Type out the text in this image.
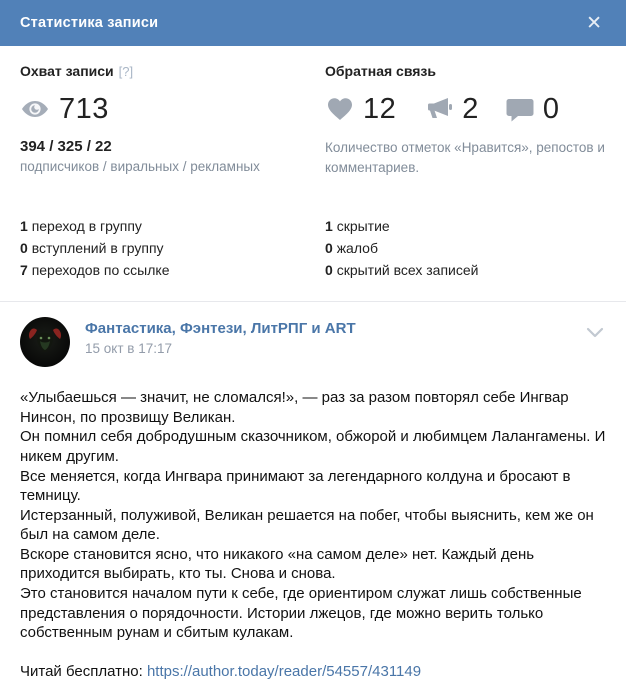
Статистика записи	✕
Охват записи [?]
713
394 / 325 / 22
подписчиков / виральных / рекламных
Обратная связь
12 2 0
Количество отметок «Нравится», репостов и комментариев.
1 переход в группу
0 вступлений в группу
7 переходов по ссылке
1 скрытие
0 жалоб
0 скрытий всех записей
Фантастика, Фэнтези, ЛитРПГ и ART
15 окт в 17:17
«Улыбаешься — значит, не сломался!», — раз за разом повторял себе Ингвар Нинсон, по прозвищу Великан.
Он помнил себя добродушным сказочником, обжорой и любимцем Лалангамены. И никем другим.
Все меняется, когда Ингвара принимают за легендарного колдуна и бросают в темницу.
Истерзанный, полуживой, Великан решается на побег, чтобы выяснить, кем же он был на самом деле.
Вскоре становится ясно, что никакого «на самом деле» нет. Каждый день приходится выбирать, кто ты. Снова и снова.
Это становится началом пути к себе, где ориентиром служат лишь собственные представления о порядочности. Истории лжецов, где можно верить только собственным рунам и сбитым кулакам.
Читай бесплатно: https://author.today/reader/54557/431149
